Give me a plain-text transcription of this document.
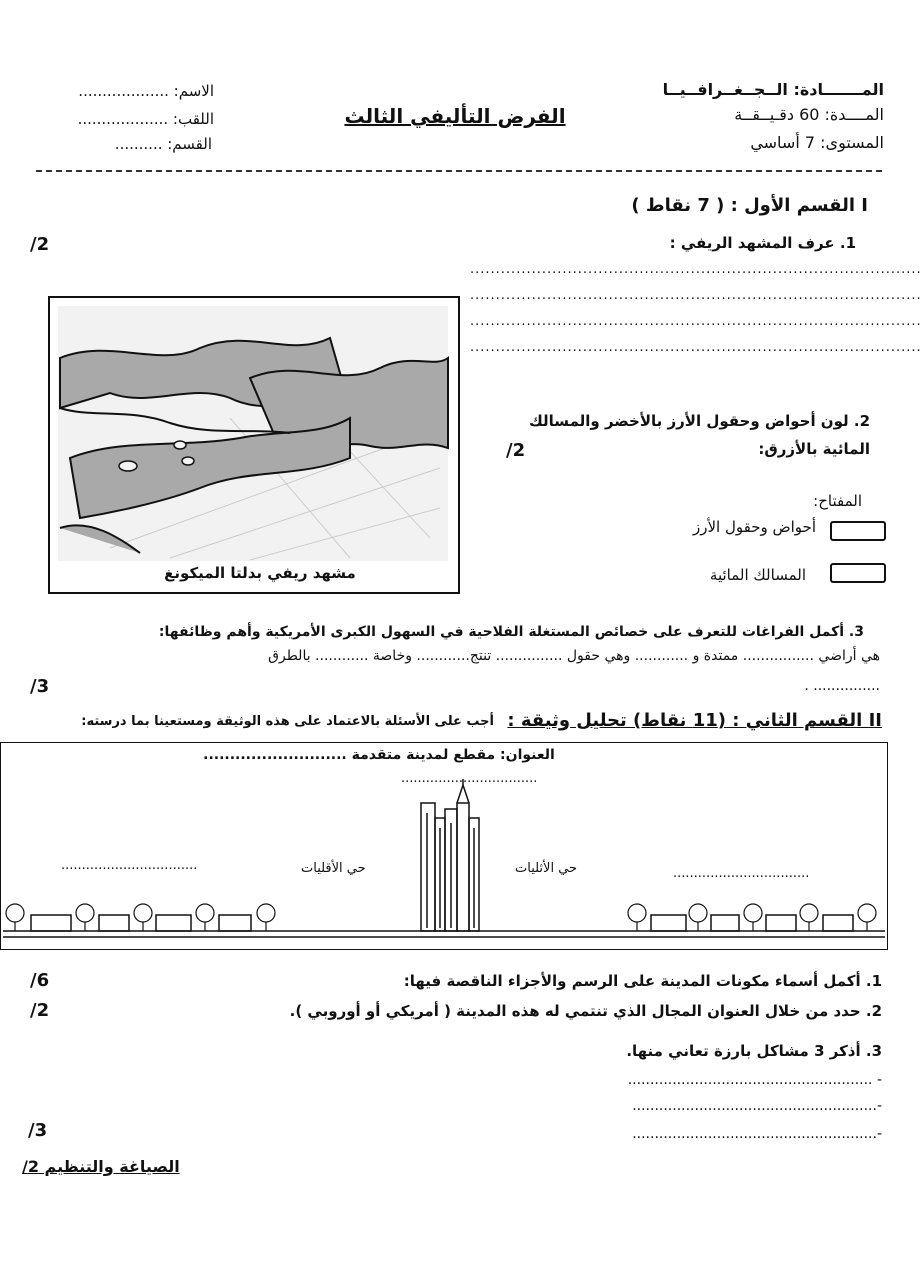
المـــــــادة: الــجــغــرافــيــا
المــــدة: 60 دقـيــقــة
المستوى: 7 أساسي
الفرض التأليفي الثالث
الاسم: ...................
اللقب: ...................
القسم: ..........
I القسم الأول : ( 7 نقاط )
1. عرف المشهد الريفي :
/2
........................................................................................
........................................................................................
........................................................................................
........................................................................................
مشهد ريفي بدلتا الميكونغ
2. لون أحواض وحقول الأرز بالأخضر والمسالك
المائية بالأزرق:
/2
المفتاح:
أحواض وحقول الأرز
المسالك المائية
3. أكمل الفراغات للتعرف على خصائص المستغلة الفلاحية في السهول الكبرى الأمريكية وأهم وظائفها:
هي أراضي ................ ممتدة و ............ وهي حقول ............... تنتج............ وخاصة ............ بالطرق
............... .
/3
II القسم الثاني : (11 نقاط) تحليل وثيقة :
أجب على الأسئلة بالاعتماد على هذه الوثيقة ومستعينا بما درسته:
العنوان: مقطع لمدينة متقدمة ...........................
.................................
.................................
.................................
حي الأقليات	حي الأثليات
1. أكمل أسماء مكونات المدينة على الرسم والأجزاء الناقصة فيها:
/6
2. حدد من خلال العنوان المجال الذي تنتمي له هذه المدينة ( أمريكي أو أوروبي ).
/2
3. أذكر 3 مشاكل بارزة تعاني منها.
- .......................................................
-.......................................................
-.......................................................
/3
الصياغة والتنظيم 2/
